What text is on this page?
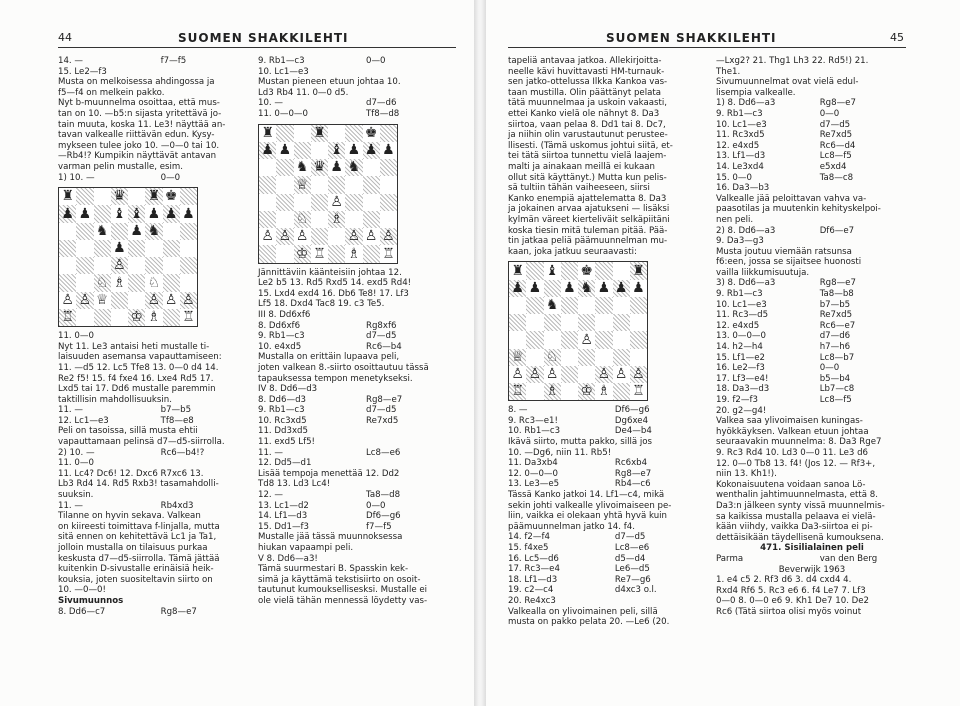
44	SUOMEN SHAKKILEHTI
14. —	f7—f5
15. Le2—f3
Musta on melkoisessa ahdingossa ja
f5—f4 on melkein pakko.
Nyt b-muunnelma osoittaa, että mus-
tan on 10. —b5:n sijasta yritettävä jo-
tain muuta, koska 11. Le3! näyttää an-
tavan valkealle riittävän edun. Kysy-
mykseen tulee joko 10. —0—0 tai 10.
—Rb4!? Kumpikin näyttävät antavan
varman pelin mustalle, esim.
1) 10. —	0—0
♜	♛ ♜ ♚
♟ ♟ ♝ ♝ ♟ ♟ ♟
♞ ♟ ♞
♟
♙
♘ ♗ ♘
♙ ♙ ♕	♙ ♙ ♙
♖	♔ ♗ ♖
11. 0—0
Nyt 11. Le3 antaisi heti mustalle ti-
laisuuden asemansa vapauttamiseen:
11. —d5 12. Lc5 Tfe8 13. 0—0 d4 14.
Re2 f5! 15. f4 fxe4 16. Lxe4 Rd5 17.
Lxd5 tai 17. Dd6 mustalle paremmin
taktillisin mahdollisuuksin.
11. —	b7—b5
12. Lc1—e3	Tf8—e8
Peli on tasoissa, sillä musta ehtii
vapauttamaan pelinsä d7—d5-siirrolla.
2) 10. —	Rc6—b4!?
11. 0—0
11. Lc4? Dc6! 12. Dxc6 R7xc6 13.
Lb3 Rd4 14. Rd5 Rxb3! tasamahdolli-
suuksin.
11. —	Rb4xd3
Tilanne on hyvin sekava. Valkean
on kiireesti toimittava f-linjalla, mutta
sitä ennen on kehitettävä Lc1 ja Ta1,
jolloin mustalla on tilaisuus purkaa
keskusta d7—d5-siirrolla. Tämä jättää
kuitenkin D-sivustalle erinäisiä heik-
kouksia, joten suositeltavin siirto on
10. —0—0!
Sivumuunnos
8. Dd6—c7	Rg8—e7
9. Rb1—c3	0—0
10. Lc1—e3
Mustan pieneen etuun johtaa 10.
Ld3 Rb4 11. 0—0 d5.
10. —	d7—d6
11. 0—0—0	Tf8—d8
♜	♜	♚
♟ ♟	♝ ♟ ♟ ♟
♞ ♛ ♟ ♞
♕
♙
♘ ♗
♙ ♙ ♙	♙ ♙ ♙
♔ ♖ ♗ ♖
Jännittäviin käänteisiin johtaa 12.
Le2 b5 13. Rd5 Rxd5 14. exd5 Rd4!
15. Lxd4 exd4 16. Db6 Te8! 17. Lf3
Lf5 18. Dxd4 Tac8 19. c3 Te5.
III 8. Dd6xf6
8. Dd6xf6	Rg8xf6
9. Rb1—c3	d7—d5
10. e4xd5	Rc6—b4
Mustalla on erittäin lupaava peli,
joten valkean 8.-siirto osoittautuu tässä
tapauksessa tempon menetykseksi.
IV 8. Dd6—d3
8. Dd6—d3	Rg8—e7
9. Rb1—c3	d7—d5
10. Rc3xd5	Re7xd5
11. Dd3xd5
11. exd5 Lf5!
11. —	Lc8—e6
12. Dd5—d1
Lisää tempoja menettää 12. Dd2
Td8 13. Ld3 Lc4!
12. —	Ta8—d8
13. Lc1—d2	0—0
14. Lf1—d3	Df6—g6
15. Dd1—f3	f7—f5
Mustalle jää tässä muunnoksessa
hiukan vapaampi peli.
V 8. Dd6—a3!
Tämä suurmestari B. Spasskin kek-
simä ja käyttämä tekstisiirto on osoit-
tautunut kumouksellisesksi. Mustalle ei
ole vielä tähän mennessä löydetty vas-
SUOMEN SHAKKILEHTI	45
tapeliä antavaa jatkoa. Allekirjoitta-
neelle kävi huvittavasti HM-turnauk-
sen jatko-ottelussa Ilkka Kankoa vas-
taan mustilla. Olin päättänyt pelata
tätä muunnelmaa ja uskoin vakaasti,
ettei Kanko vielä ole nähnyt 8. Da3
siirtoa, vaan pelaa 8. Dd1 tai 8. Dc7,
ja niihin olin varustautunut perustee-
llisesti. (Tämä uskomus johtui siitä, et-
tei tätä siirtoa tunnettu vielä laajem-
malti ja ainakaan meillä ei kukaan
ollut sitä käyttänyt.) Mutta kun pelis-
sä tultiin tähän vaiheeseen, siirsi
Kanko enempiä ajattelematta 8. Da3
ja jokainen arvaa ajatukseni — lisäksi
kylmän väreet kierteliväit selkäpiitäni
koska tiesin mitä tuleman pitää. Pää-
tin jatkaa peliä päämuunnelman mu-
kaan, joka jatkuu seuraavasti:
♜ ♝ ♚	♜
♟ ♟ ♟ ♞ ♟ ♟ ♟
♞
♙
♕ ♘
♙ ♙ ♙	♙ ♙ ♙
♖ ♗ ♔ ♗ ♖
8. —	Df6—g6
9. Rc3—e1!	Dg6xe4
10. Rb1—c3	De4—b4
Ikävä siirto, mutta pakko, sillä jos
10. —Dg6, niin 11. Rb5!
11. Da3xb4	Rc6xb4
12. 0—0—0	Rg8—e7
13. Le3—e5	Rb4—c6
Tässä Kanko jatkoi 14. Lf1—c4, mikä
sekin johti valkealle ylivoimaiseen pe-
liin, vaikka ei olekaan yhtä hyvä kuin
päämuunnelman jatko 14. f4.
14. f2—f4	d7—d5
15. f4xe5	Lc8—e6
16. Lc5—d6	d5—d4
17. Rc3—e4	Le6—d5
18. Lf1—d3	Re7—g6
19. c2—c4	d4xc3 o.l.
20. Re4xc3
Valkealla on ylivoimainen peli, sillä
musta on pakko pelata 20. —Le6 (20.
—Lxg2? 21. Thg1 Lh3 22. Rd5!) 21.
The1.
Sivumuunnelmat ovat vielä edul-
lisempia valkealle.
1) 8. Dd6—a3	Rg8—e7
9. Rb1—c3	0—0
10. Lc1—e3	d7—d5
11. Rc3xd5	Re7xd5
12. e4xd5	Rc6—d4
13. Lf1—d3	Lc8—f5
14. Le3xd4	e5xd4
15. 0—0	Ta8—c8
16. Da3—b3
Valkealle jää peloittavan vahva va-
paasotilas ja muutenkin kehityskelpoi-
nen peli.
2) 8. Dd6—a3	Df6—e7
9. Da3—g3
Musta joutuu viemään ratsunsa
f6:een, jossa se sijaitsee huonosti
vailla liikkumisuutuja.
3) 8. Dd6—a3	Rg8—e7
9. Rb1—c3	Ta8—b8
10. Lc1—e3	b7—b5
11. Rc3—d5	Re7xd5
12. e4xd5	Rc6—e7
13. 0—0—0	d7—d6
14. h2—h4	h7—h6
15. Lf1—e2	Lc8—b7
16. Le2—f3	0—0
17. Lf3—e4!	b5—b4
18. Da3—d3	Lb7—c8
19. f2—f3	Lc8—f5
20. g2—g4!
Valkea saa ylivoimaisen kuningas-
hyökkäyksen. Valkean etuun johtaa
seuraavakin muunnelma: 8. Da3 Rge7
9. Rc3 Rd4 10. Ld3 0—0 11. Le3 d6
12. 0—0 Tb8 13. f4! (Jos 12. — Rf3+,
niin 13. Kh1!).
Kokonaisuutena voidaan sanoa Lö-
wenthalin jahtimuunnelmasta, että 8.
Da3:n jälkeen synty vissä muunnelmis-
sa kaikissa mustalla pelaava ei vielä-
kään viihdy, vaikka Da3-siirtoa ei pi-
dettäisikään täydellisenä kumouksena.
471. Sisilialainen peli
Parma	van den Berg
Beverwijk 1963
1. e4 c5 2. Rf3 d6 3. d4 cxd4 4.
Rxd4 Rf6 5. Rc3 e6 6. f4 Le7 7. Lf3
0—0 8. 0—0 e6 9. Kh1 De7 10. De2
Rc6 (Tätä siirtoa olisi myös voinut
